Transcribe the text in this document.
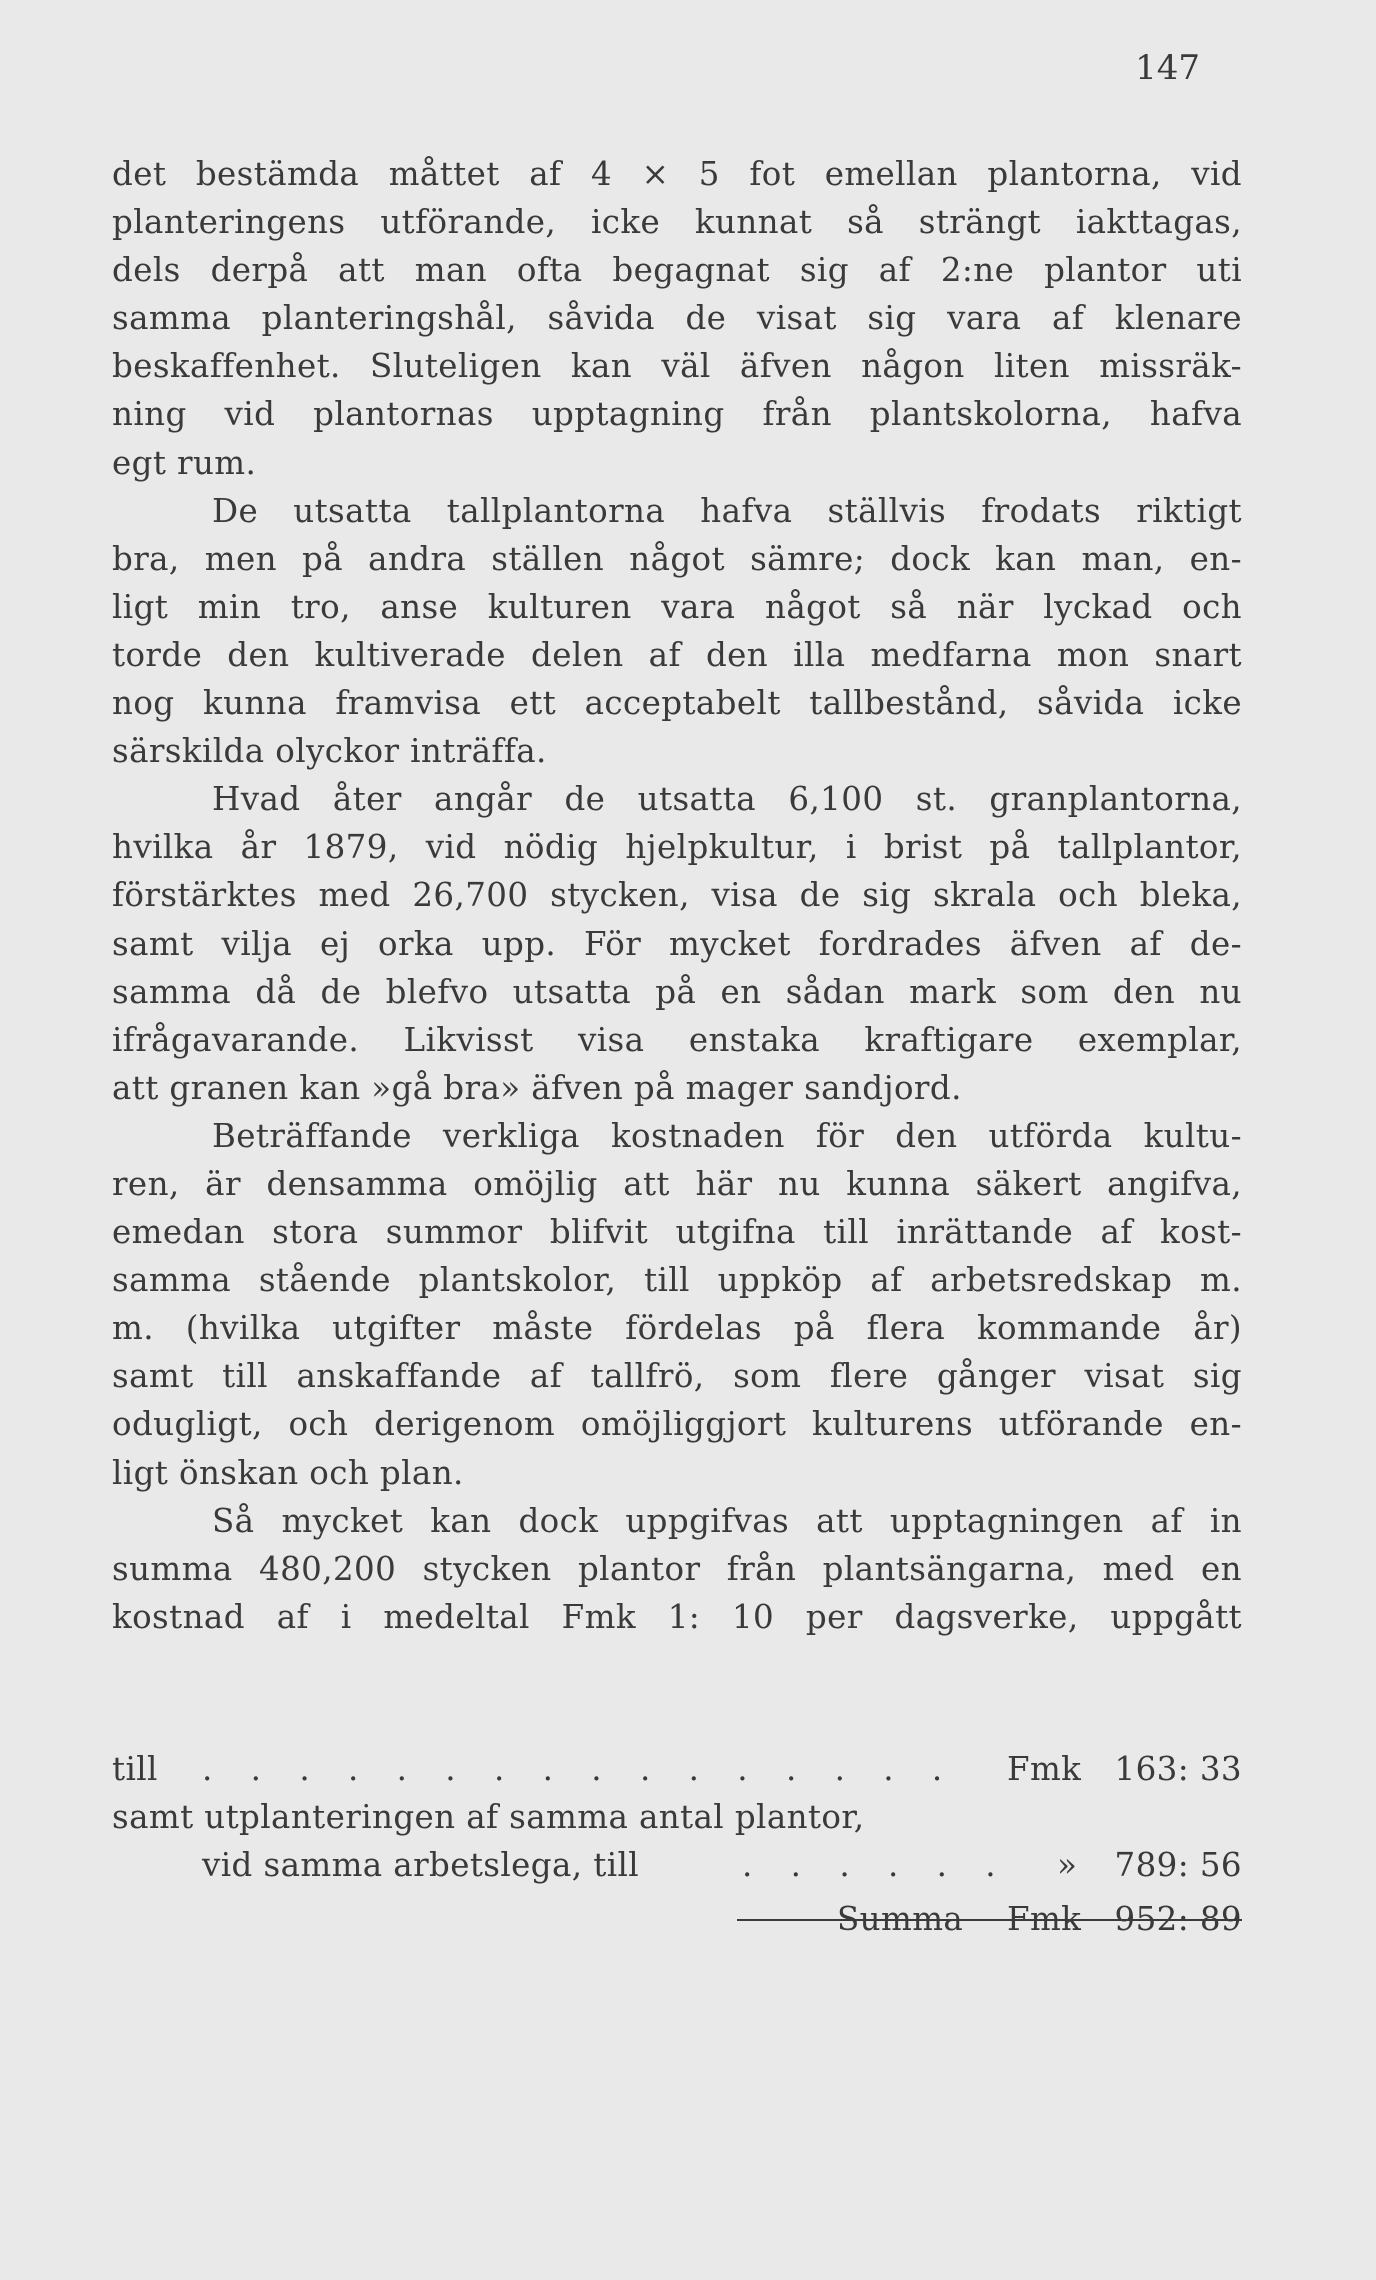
147
det bestämda måttet af 4 × 5 fot emellan plantorna, vid
planteringens utförande, icke kunnat så strängt iakttagas,
dels derpå att man ofta begagnat sig af 2:ne plantor uti
samma planteringshål, såvida de visat sig vara af klenare
beskaffenhet. Sluteligen kan väl äfven någon liten missräk-
ning vid plantornas upptagning från plantskolorna, hafva
egt rum.
De utsatta tallplantorna hafva ställvis frodats riktigt
bra, men på andra ställen något sämre; dock kan man, en-
ligt min tro, anse kulturen vara något så när lyckad och
torde den kultiverade delen af den illa medfarna mon snart
nog kunna framvisa ett acceptabelt tallbestånd, såvida icke
särskilda olyckor inträffa.
Hvad åter angår de utsatta 6,100 st. granplantorna,
hvilka år 1879, vid nödig hjelpkultur, i brist på tallplantor,
förstärktes med 26,700 stycken, visa de sig skrala och bleka,
samt vilja ej orka upp. För mycket fordrades äfven af de-
samma då de blefvo utsatta på en sådan mark som den nu
ifrågavarande. Likvisst visa enstaka kraftigare exemplar,
att granen kan »gå bra» äfven på mager sandjord.
Beträffande verkliga kostnaden för den utförda kultu-
ren, är densamma omöjlig att här nu kunna säkert angifva,
emedan stora summor blifvit utgifna till inrättande af kost-
samma stående plantskolor, till uppköp af arbetsredskap m.
m. (hvilka utgifter måste fördelas på flera kommande år)
samt till anskaffande af tallfrö, som flere gånger visat sig
odugligt, och derigenom omöjliggjort kulturens utförande en-
ligt önskan och plan.
Så mycket kan dock uppgifvas att upptagningen af in
summa 480,200 stycken plantor från plantsängarna, med en
kostnad af i medeltal Fmk 1: 10 per dagsverke, uppgått
till . . . . . . . . . . . . . . . . Fmk 163: 33
samt utplanteringen af samma antal plantor,
vid samma arbetslega, till	. . . . . . » 789: 56
Summa Fmk 952: 89
